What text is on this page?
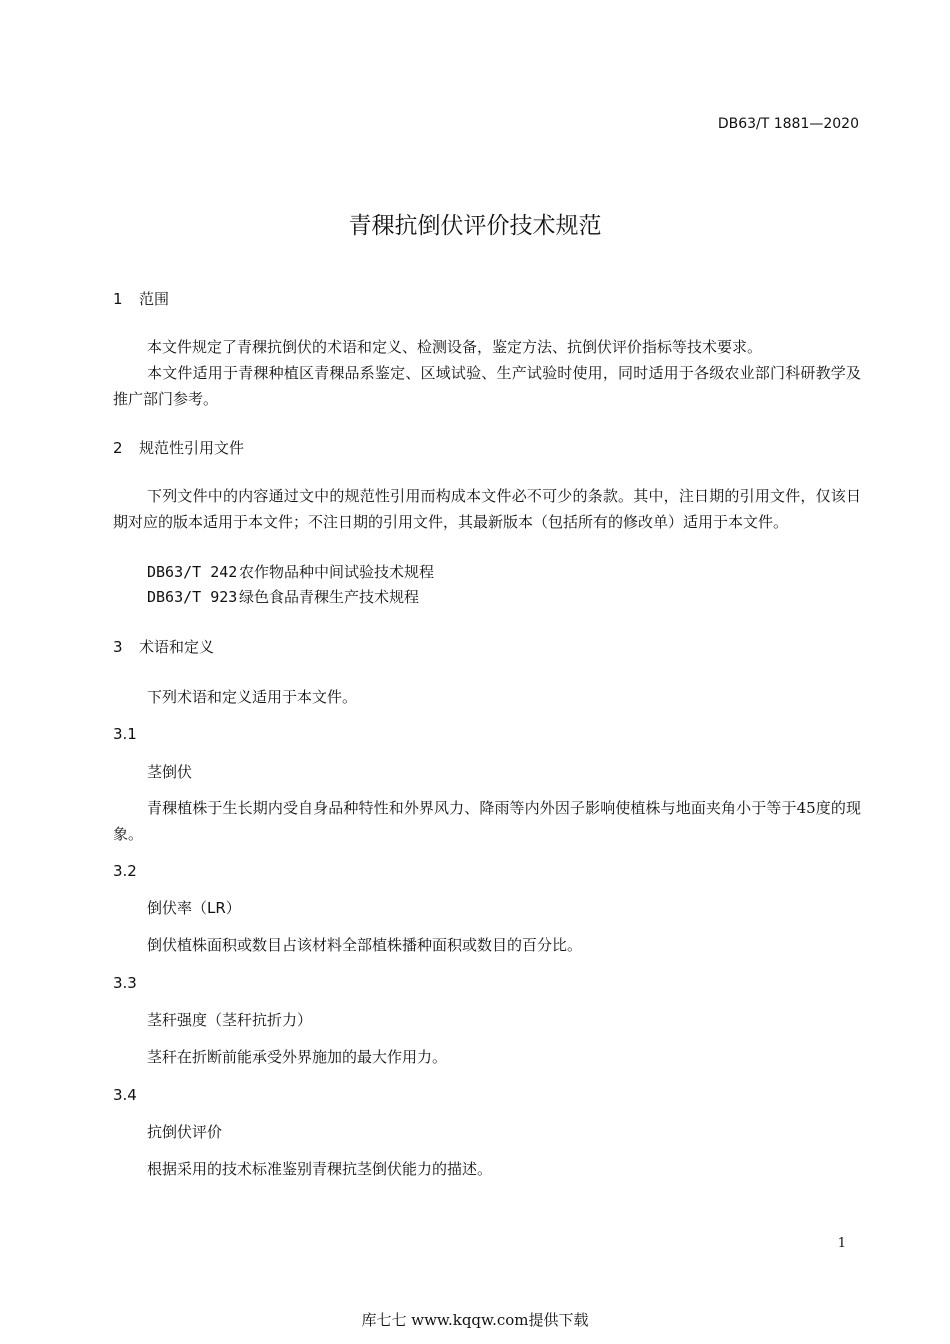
DB63/T 1881—2020
青稞抗倒伏评价技术规范
1 范围

本文件规定了青稞抗倒伏的术语和定义、检测设备，鉴定方法、抗倒伏评价指标等技术要求。

本文件适用于青稞种植区青稞品系鉴定、区域试验、生产试验时使用，同时适用于各级农业部门科研教学及推广部门参考。

2 规范性引用文件

下列文件中的内容通过文中的规范性引用而构成本文件必不可少的条款。其中，注日期的引用文件，仅该日期对应的版本适用于本文件；不注日期的引用文件，其最新版本（包括所有的修改单）适用于本文件。

DB63/T 242 农作物品种中间试验技术规程
DB63/T 923 绿色食品青稞生产技术规程
3 术语和定义
下列术语和定义适用于本文件。
3.1
茎倒伏

青稞植株于生长期内受自身品种特性和外界风力、降雨等内外因子影响使植株与地面夹角小于等于45度的现象。

3.2
倒伏率（LR）
倒伏植株面积或数目占该材料全部植株播种面积或数目的百分比。
3.3
茎秆强度（茎秆抗折力）
茎秆在折断前能承受外界施加的最大作用力。
3.4
抗倒伏评价
根据采用的技术标准鉴别青稞抗茎倒伏能力的描述。
1
库七七 www.kqqw.com提供下载
